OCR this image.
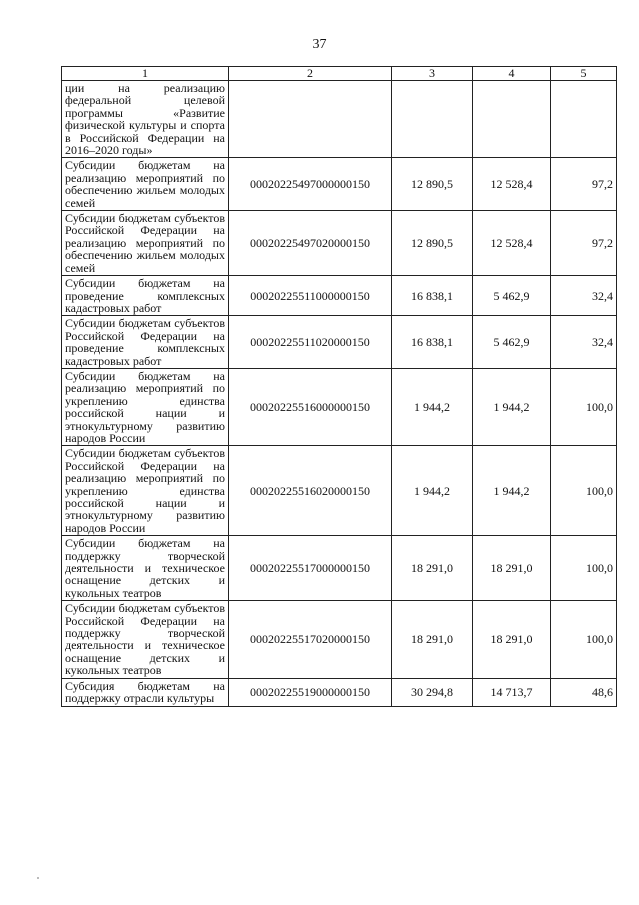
37
1	2	3	4	5
ции на реализацию федеральной целевой программы «Развитие физической культуры и спорта в Российской Федерации на 2016–2020 годы»				
Субсидии бюджетам на реализацию мероприятий по обеспечению жильем молодых семей	00020225497000000150	12 890,5	12 528,4	97,2
Субсидии бюджетам субъектов Российской Федерации на реализацию мероприятий по обеспечению жильем молодых семей	00020225497020000150	12 890,5	12 528,4	97,2
Субсидии бюджетам на проведение комплексных кадастровых работ	00020225511000000150	16 838,1	5 462,9	32,4
Субсидии бюджетам субъектов Российской Федерации на проведение комплексных кадастровых работ	00020225511020000150	16 838,1	5 462,9	32,4
Субсидии бюджетам на реализацию мероприятий по укреплению единства российской нации и этнокультурному развитию народов России	00020225516000000150	1 944,2	1 944,2	100,0
Субсидии бюджетам субъектов Российской Федерации на реализацию мероприятий по укреплению единства российской нации и этнокультурному развитию народов России	00020225516020000150	1 944,2	1 944,2	100,0
Субсидии бюджетам на поддержку творческой деятельности и техническое оснащение детских и кукольных театров	00020225517000000150	18 291,0	18 291,0	100,0
Субсидии бюджетам субъектов Российской Федерации на поддержку творческой деятельности и техническое оснащение детских и кукольных театров	00020225517020000150	18 291,0	18 291,0	100,0
Субсидия бюджетам на поддержку отрасли культуры	00020225519000000150	30 294,8	14 713,7	48,6
